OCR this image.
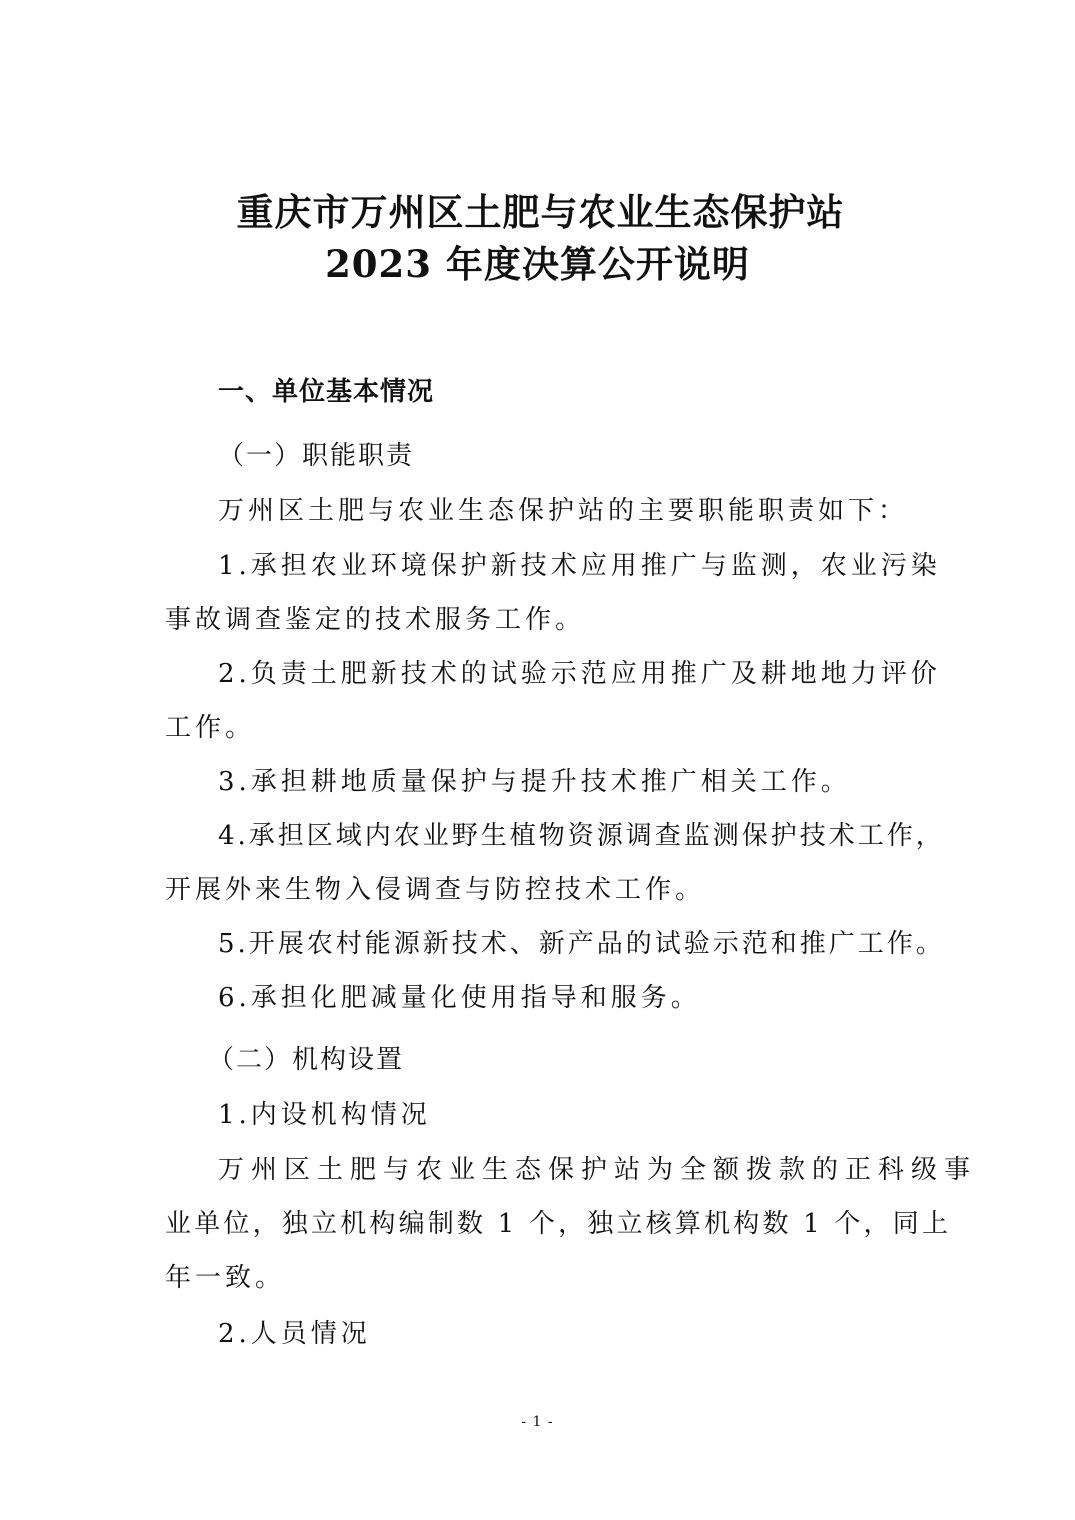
重庆市万州区土肥与农业生态保护站
2023 年度决算公开说明
一、单位基本情况
（一）职能职责
万州区土肥与农业生态保护站的主要职能职责如下：
1.承担农业环境保护新技术应用推广与监测，农业污染
事故调查鉴定的技术服务工作。
2.负责土肥新技术的试验示范应用推广及耕地地力评价
工作。
3.承担耕地质量保护与提升技术推广相关工作。
4.承担区域内农业野生植物资源调查监测保护技术工作，
开展外来生物入侵调查与防控技术工作。
5.开展农村能源新技术、新产品的试验示范和推广工作。
6.承担化肥减量化使用指导和服务。
（二）机构设置
1.内设机构情况
万州区土肥与农业生态保护站为全额拨款的正科级事
业单位，独立机构编制数 1 个，独立核算机构数 1 个，同上
年一致。
2.人员情况
- 1 -
